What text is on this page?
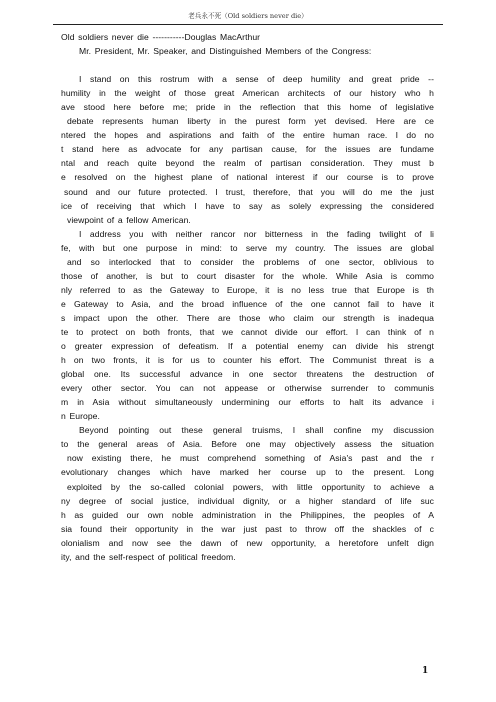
老兵永不死（Old soldiers never die）
Old soldiers never die -----------Douglas MacArthur
Mr. President, Mr. Speaker, and Distinguished Members of the Congress:

I stand on this rostrum with a sense of deep humility and great pride --
humility in the weight of those great American architects of our history who h
ave stood here before me; pride in the reflection that this home of legislative
debate represents human liberty in the purest form yet devised. Here are ce
ntered the hopes and aspirations and faith of the entire human race. I do no
t stand here as advocate for any partisan cause, for the issues are fundame
ntal and reach quite beyond the realm of partisan consideration. They must b
e resolved on the highest plane of national interest if our course is to prove
sound and our future protected. I trust, therefore, that you will do me the just
ice of receiving that which I have to say as solely expressing the considered
viewpoint of a fellow American.

I address you with neither rancor nor bitterness in the fading twilight of li
fe, with but one purpose in mind: to serve my country. The issues are global
and so interlocked that to consider the problems of one sector, oblivious to
those of another, is but to court disaster for the whole. While Asia is commo
nly referred to as the Gateway to Europe, it is no less true that Europe is th
e Gateway to Asia, and the broad influence of the one cannot fail to have it
s impact upon the other. There are those who claim our strength is inadequa
te to protect on both fronts, that we cannot divide our effort. I can think of n
o greater expression of defeatism. If a potential enemy can divide his strengt
h on two fronts, it is for us to counter his effort. The Communist threat is a
global one. Its successful advance in one sector threatens the destruction of
every other sector. You can not appease or otherwise surrender to communis
m in Asia without simultaneously undermining our efforts to halt its advance i
n Europe.

Beyond pointing out these general truisms, I shall confine my discussion
to the general areas of Asia. Before one may objectively assess the situation
now existing there, he must comprehend something of Asia's past and the r
evolutionary changes which have marked her course up to the present. Long
exploited by the so-called colonial powers, with little opportunity to achieve a
ny degree of social justice, individual dignity, or a higher standard of life suc
h as guided our own noble administration in the Philippines, the peoples of A
sia found their opportunity in the war just past to throw off the shackles of c
olonialism and now see the dawn of new opportunity, a heretofore unfelt dign
ity, and the self-respect of political freedom.

1
